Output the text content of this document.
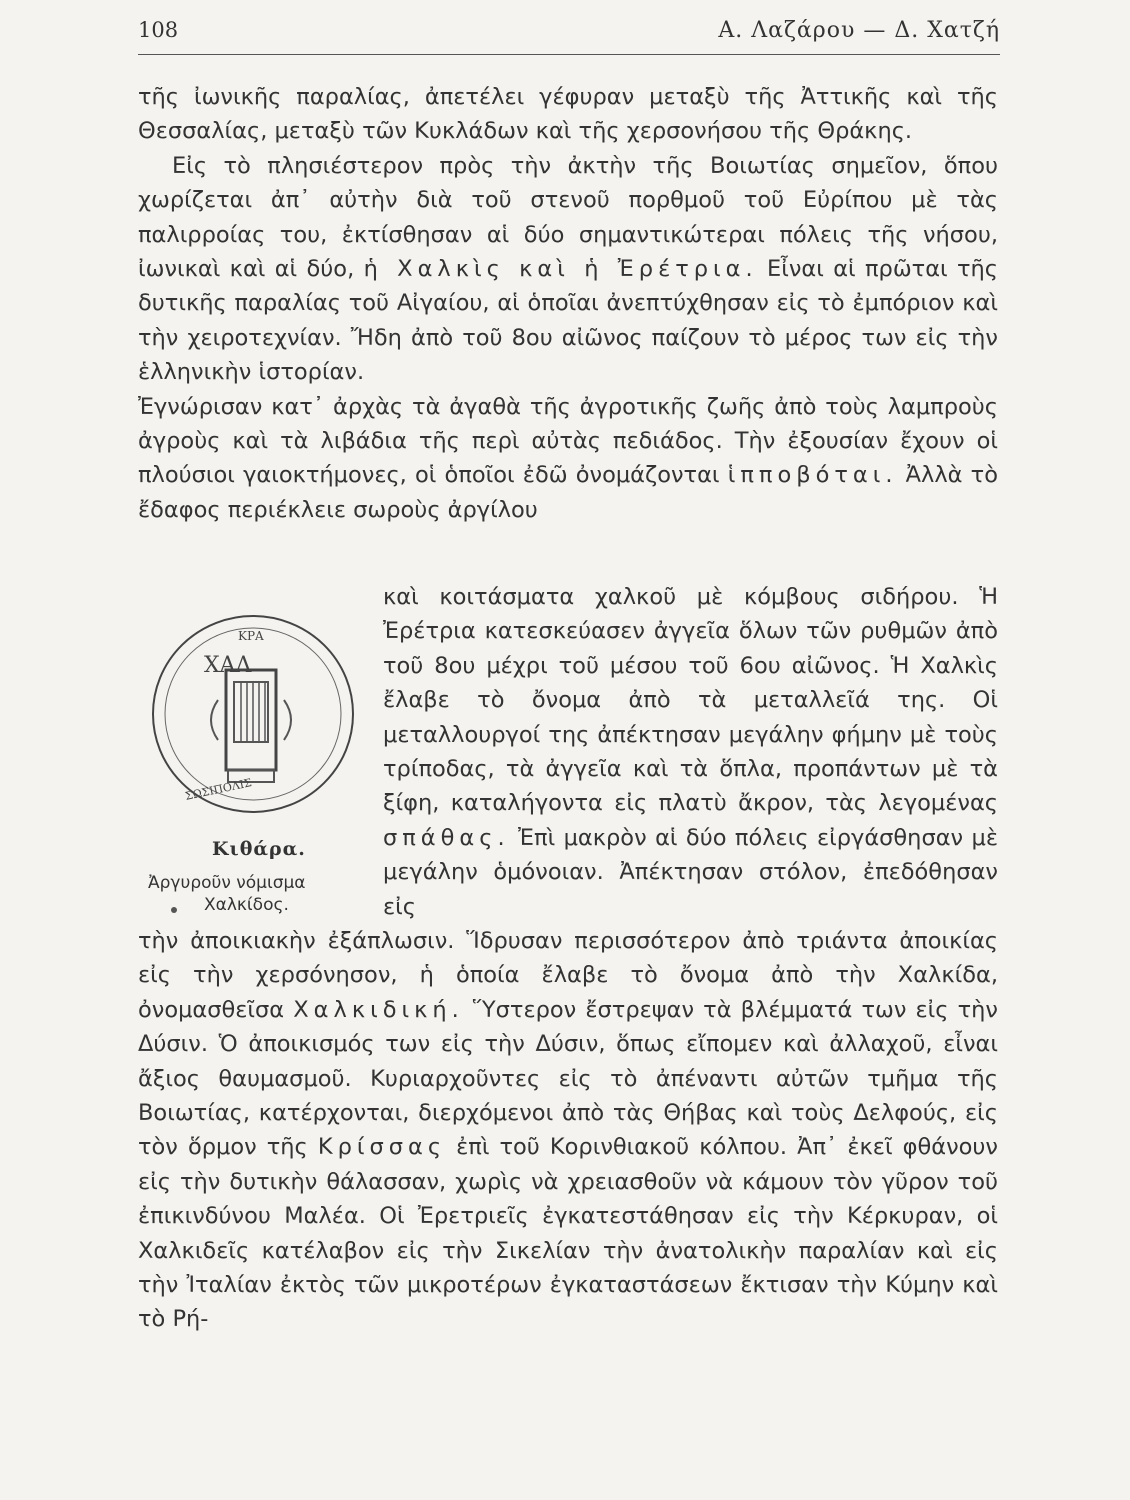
108	Α. Λαζάρου — Δ. Χατζή

τῆς ἰωνικῆς παραλίας, ἀπετέλει γέφυραν μεταξὺ τῆς Ἀττικῆς καὶ τῆς Θεσσαλίας, μεταξὺ τῶν Κυκλάδων καὶ τῆς χερσονήσου τῆς Θράκης.

Εἰς τὸ πλησιέστερον πρὸς τὴν ἀκτὴν τῆς Βοιωτίας σημεῖον, ὅπου χωρίζεται ἀπ᾿ αὐτὴν διὰ τοῦ στενοῦ πορθμοῦ τοῦ Εὐρίπου μὲ τὰς παλιρροίας του, ἐκτίσθησαν αἱ δύο σημαντικώτεραι πόλεις τῆς νήσου, ἰωνικαὶ καὶ αἱ δύο, ἡ Χαλκὶς καὶ ἡ Ἐρέτρια. Εἶναι αἱ πρῶται τῆς δυτικῆς παραλίας τοῦ Αἰγαίου, αἱ ὁποῖαι ἀνεπτύχθησαν εἰς τὸ ἐμπόριον καὶ τὴν χειροτεχνίαν. Ἤδη ἀπὸ τοῦ 8ου αἰῶνος παίζουν τὸ μέρος των εἰς τὴν ἑλληνικὴν ἱστορίαν.

Ἐγνώρισαν κατ᾿ ἀρχὰς τὰ ἀγαθὰ τῆς ἀγροτικῆς ζωῆς ἀπὸ τοὺς λαμπροὺς ἀγροὺς καὶ τὰ λιβάδια τῆς περὶ αὐτὰς πεδιάδος. Τὴν ἐξουσίαν ἔχουν οἱ πλούσιοι γαιοκτήμονες, οἱ ὁποῖοι ἐδῶ ὀνομάζονται ἱπποβόται. Ἀλλὰ τὸ ἔδαφος περιέκλειε σωροὺς ἀργίλου

ΚΡΑ
ΧΑΛ
ΣΩΣΙΠΟΛΙΣ
Κιθάρα.
Ἀργυροῦν νόμισμα
Χαλκίδος.
καὶ κοιτάσματα χαλκοῦ μὲ κόμβους σιδήρου. Ἡ Ἐρέτρια κατεσκεύασεν ἀγγεῖα ὅλων τῶν ρυθμῶν ἀπὸ τοῦ 8ου μέχρι τοῦ μέσου τοῦ 6ου αἰῶνος. Ἡ Χαλκὶς ἔλαβε τὸ ὄνομα ἀπὸ τὰ μεταλλεῖά της. Οἱ μεταλλουργοί της ἀπέκτησαν μεγάλην φήμην μὲ τοὺς τρίποδας, τὰ ἀγγεῖα καὶ τὰ ὅπλα, προπάντων μὲ τὰ ξίφη, καταλήγοντα εἰς πλατὺ ἄκρον, τὰς λεγομένας σπάθας. Ἐπὶ μακρὸν αἱ δύο πόλεις εἰργάσθησαν μὲ μεγάλην ὁμόνοιαν. Ἀπέκτησαν στόλον, ἐπεδόθησαν εἰς
τὴν ἀποικιακὴν ἐξάπλωσιν. Ἵδρυσαν περισσότερον ἀπὸ τριάντα ἀποικίας εἰς τὴν χερσόνησον, ἡ ὁποία ἔλαβε τὸ ὄνομα ἀπὸ τὴν Χαλκίδα, ὀνομασθεῖσα Χαλκιδική. Ὕστερον ἔστρεψαν τὰ βλέμματά των εἰς τὴν Δύσιν. Ὁ ἀποικισμός των εἰς τὴν Δύσιν, ὅπως εἴπομεν καὶ ἀλλαχοῦ, εἶναι ἄξιος θαυμασμοῦ. Κυριαρχοῦντες εἰς τὸ ἀπέναντι αὐτῶν τμῆμα τῆς Βοιωτίας, κατέρχονται, διερχόμενοι ἀπὸ τὰς Θήβας καὶ τοὺς Δελφούς, εἰς τὸν ὅρμον τῆς Κρίσσας ἐπὶ τοῦ Κορινθιακοῦ κόλπου. Ἀπ᾿ ἐκεῖ φθάνουν εἰς τὴν δυτικὴν θάλασσαν, χωρὶς νὰ χρειασθοῦν νὰ κάμουν τὸν γῦρον τοῦ ἐπικινδύνου Μαλέα. Οἱ Ἐρετριεῖς ἐγκατεστάθησαν εἰς τὴν Κέρκυραν, οἱ Χαλκιδεῖς κατέλαβον εἰς τὴν Σικελίαν τὴν ἀνατολικὴν παραλίαν καὶ εἰς τὴν Ἰταλίαν ἐκτὸς τῶν μικροτέρων ἐγκαταστάσεων ἔκτισαν τὴν Κύμην καὶ τὸ Ρή-
